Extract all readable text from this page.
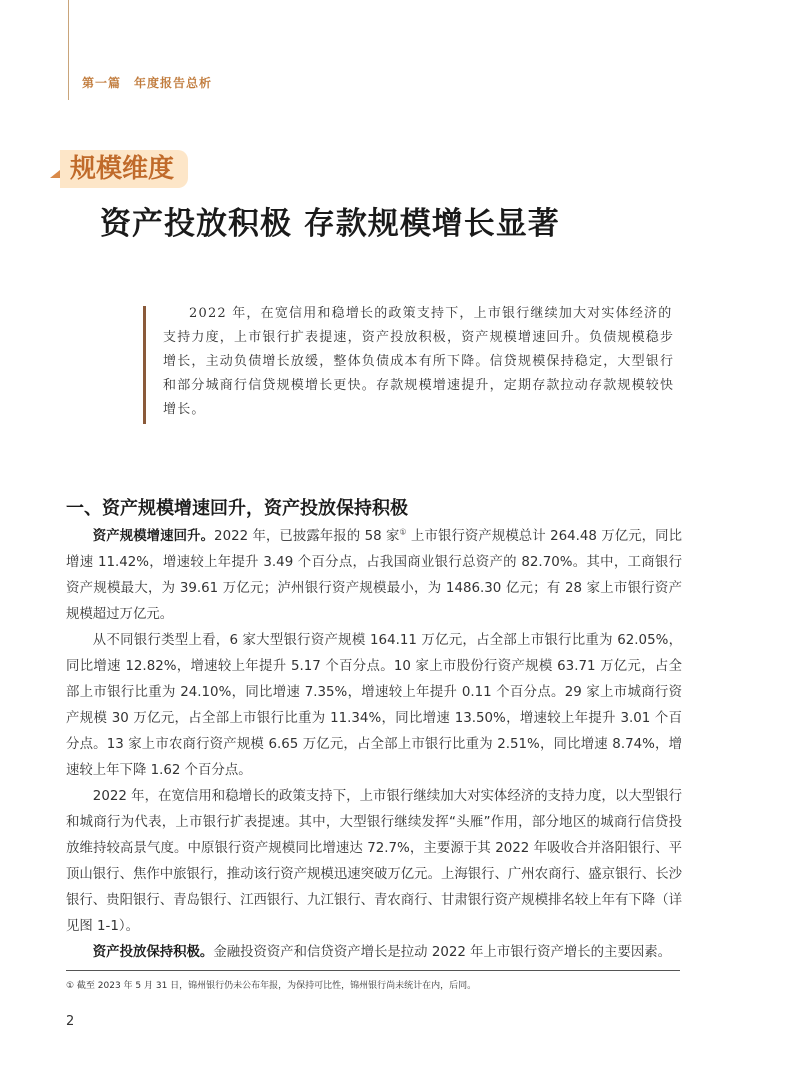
第一篇　年度报告总析
规模维度
资产投放积极 存款规模增长显著

2022 年，在宽信用和稳增长的政策支持下，上市银行继续加大对实体经济的支持力度，上市银行扩表提速，资产投放积极，资产规模增速回升。负债规模稳步增长，主动负债增长放缓，整体负债成本有所下降。信贷规模保持稳定，大型银行和部分城商行信贷规模增长更快。存款规模增速提升，定期存款拉动存款规模较快增长。

一、资产规模增速回升，资产投放保持积极

资产规模增速回升。2022 年，已披露年报的 58 家① 上市银行资产规模总计 264.48 万亿元，同比增速 11.42%，增速较上年提升 3.49 个百分点，占我国商业银行总资产的 82.70%。其中，工商银行资产规模最大，为 39.61 万亿元；泸州银行资产规模最小，为 1486.30 亿元；有 28 家上市银行资产规模超过万亿元。

从不同银行类型上看，6 家大型银行资产规模 164.11 万亿元，占全部上市银行比重为 62.05%，同比增速 12.82%，增速较上年提升 5.17 个百分点。10 家上市股份行资产规模 63.71 万亿元，占全部上市银行比重为 24.10%，同比增速 7.35%，增速较上年提升 0.11 个百分点。29 家上市城商行资产规模 30 万亿元，占全部上市银行比重为 11.34%，同比增速 13.50%，增速较上年提升 3.01 个百分点。13 家上市农商行资产规模 6.65 万亿元，占全部上市银行比重为 2.51%，同比增速 8.74%，增速较上年下降 1.62 个百分点。

2022 年，在宽信用和稳增长的政策支持下，上市银行继续加大对实体经济的支持力度，以大型银行和城商行为代表，上市银行扩表提速。其中，大型银行继续发挥“头雁”作用，部分地区的城商行信贷投放维持较高景气度。中原银行资产规模同比增速达 72.7%，主要源于其 2022 年吸收合并洛阳银行、平顶山银行、焦作中旅银行，推动该行资产规模迅速突破万亿元。上海银行、广州农商行、盛京银行、长沙银行、贵阳银行、青岛银行、江西银行、九江银行、青农商行、甘肃银行资产规模排名较上年有下降（详见图 1-1）。

资产投放保持积极。金融投资资产和信贷资产增长是拉动 2022 年上市银行资产增长的主要因素。

① 截至 2023 年 5 月 31 日，锦州银行仍未公布年报，为保持可比性，锦州银行尚未统计在内，后同。
2
